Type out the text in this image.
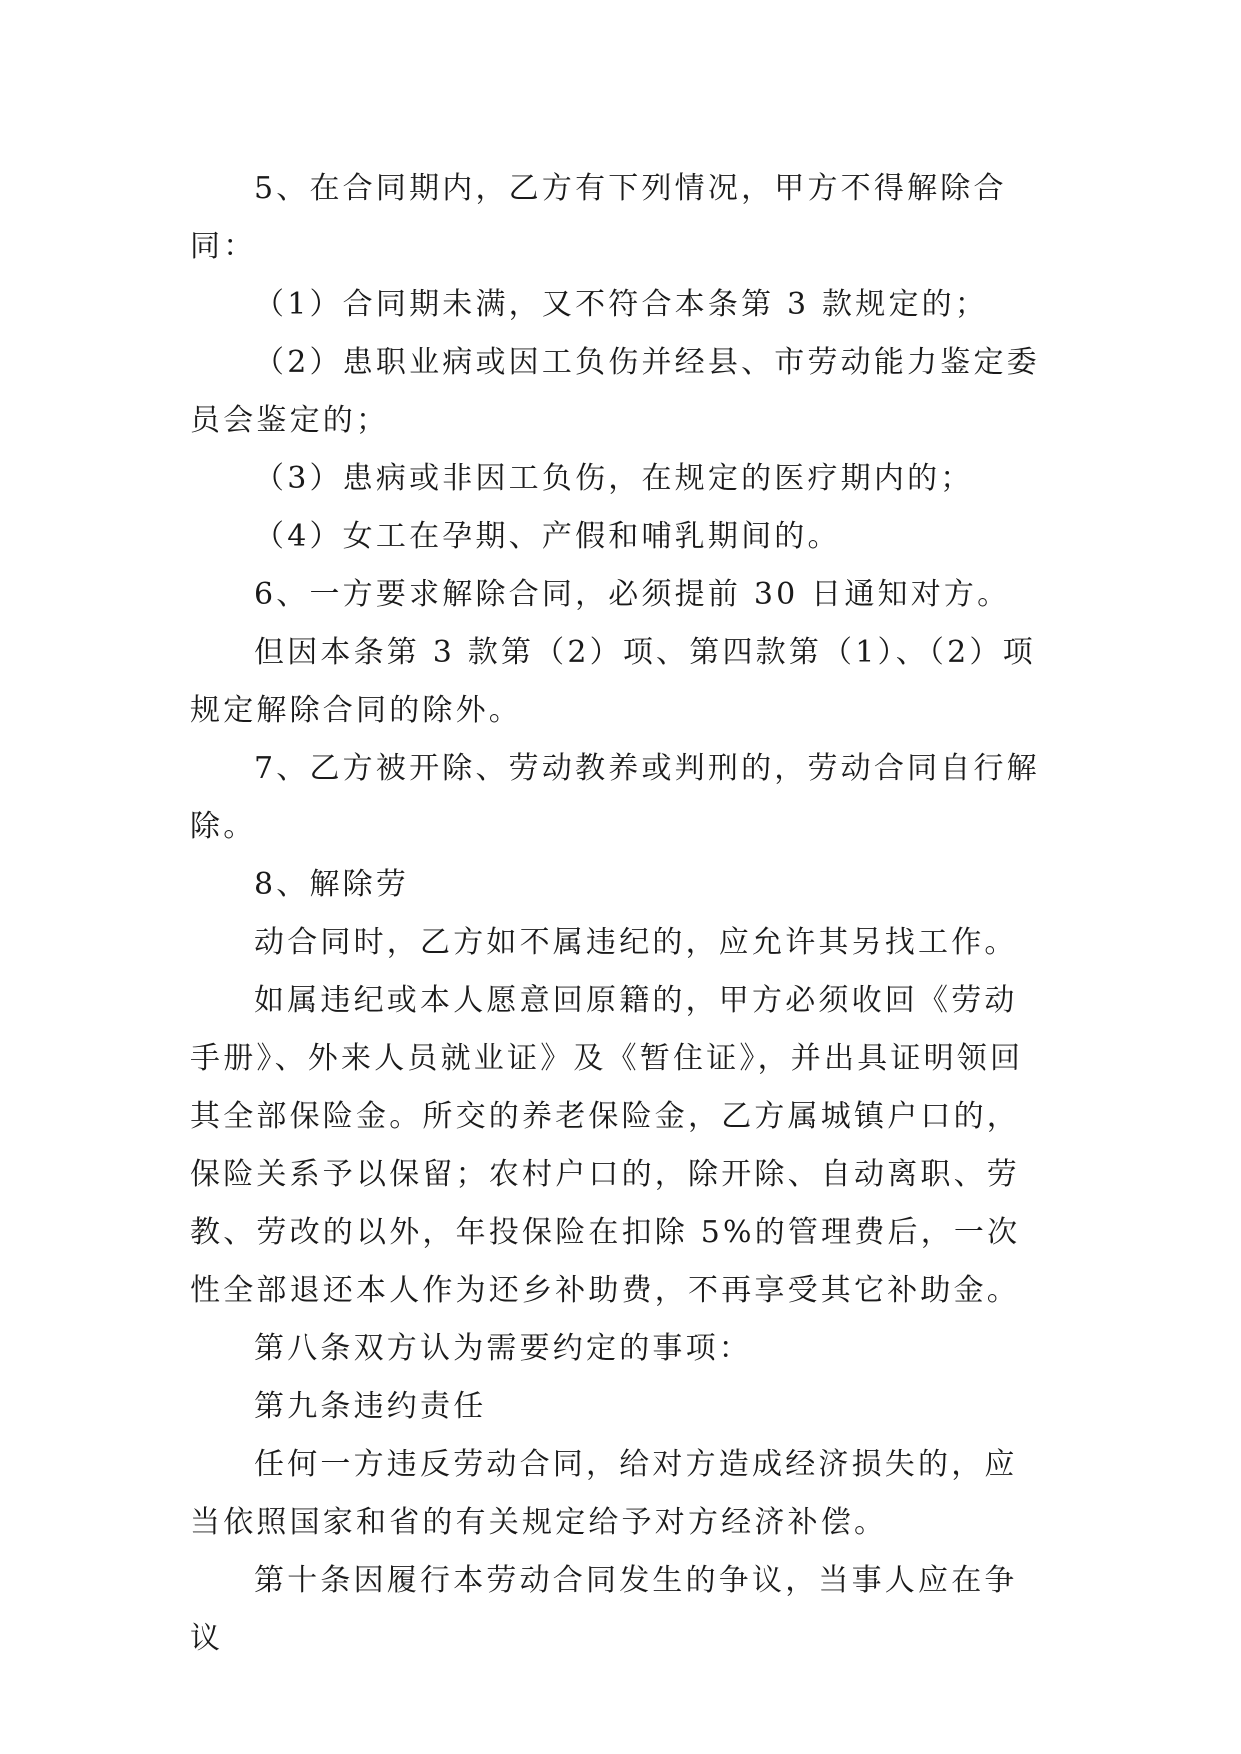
5、在合同期内，乙方有下列情况，甲方不得解除合同：

（1）合同期未满，又不符合本条第 3 款规定的；

（2）患职业病或因工负伤并经县、市劳动能力鉴定委员会鉴定的；

（3）患病或非因工负伤，在规定的医疗期内的；

（4）女工在孕期、产假和哺乳期间的。

6、一方要求解除合同，必须提前 30 日通知对方。

但因本条第 3 款第（2）项、第四款第（1）、（2）项规定解除合同的除外。

7、乙方被开除、劳动教养或判刑的，劳动合同自行解除。

8、解除劳

动合同时，乙方如不属违纪的，应允许其另找工作。

如属违纪或本人愿意回原籍的，甲方必须收回《劳动手册》、外来人员就业证》及《暂住证》，并出具证明领回其全部保险金。所交的养老保险金，乙方属城镇户口的，保险关系予以保留；农村户口的，除开除、自动离职、劳教、劳改的以外，年投保险在扣除 5%的管理费后，一次性全部退还本人作为还乡补助费，不再享受其它补助金。

第八条双方认为需要约定的事项：

第九条违约责任

任何一方违反劳动合同，给对方造成经济损失的，应当依照国家和省的有关规定给予对方经济补偿。

第十条因履行本劳动合同发生的争议，当事人应在争议
